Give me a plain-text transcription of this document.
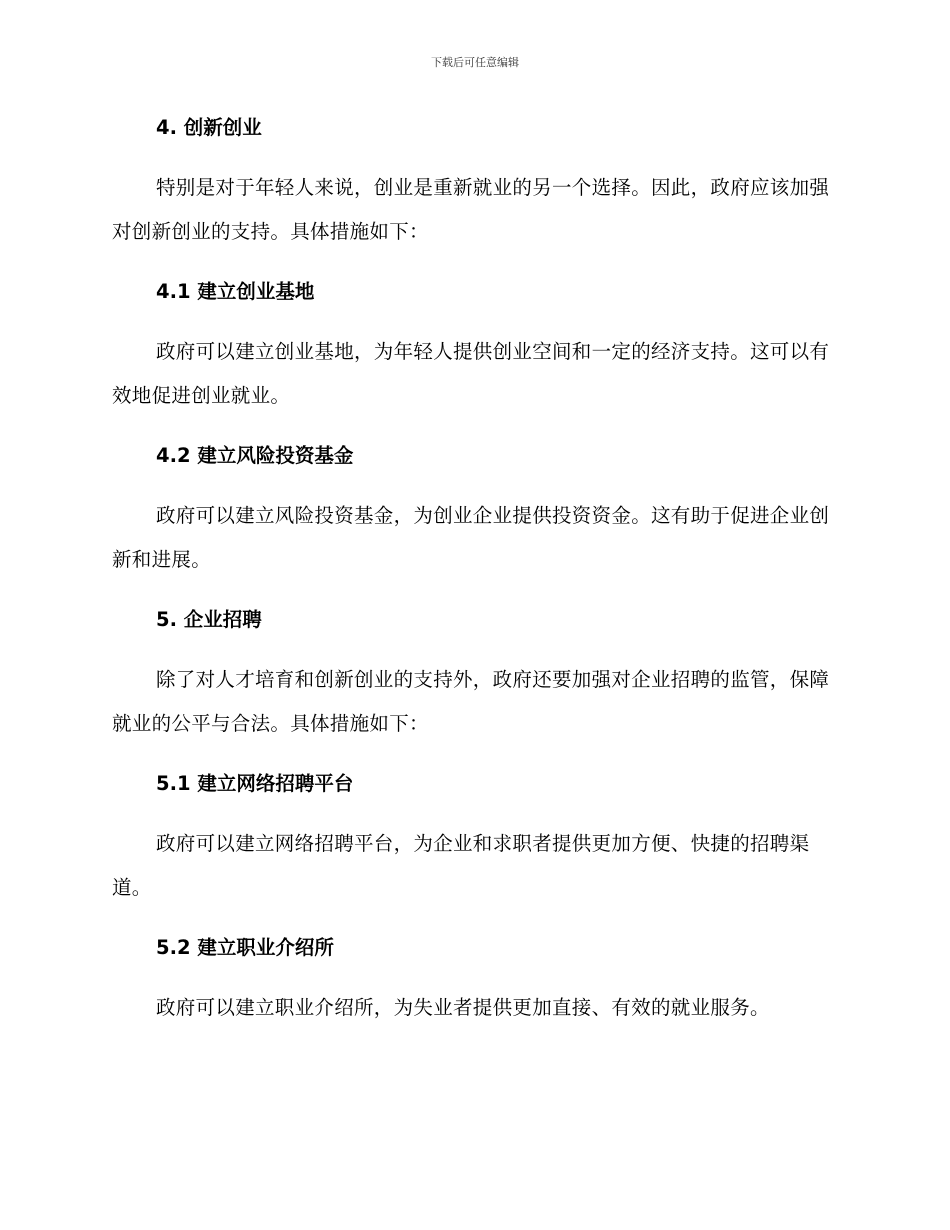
下载后可任意编辑
4. 创新创业

特别是对于年轻人来说，创业是重新就业的另一个选择。因此，政府应该加强对创新创业的支持。具体措施如下：

4.1 建立创业基地

政府可以建立创业基地，为年轻人提供创业空间和一定的经济支持。这可以有效地促进创业就业。

4.2 建立风险投资基金

政府可以建立风险投资基金，为创业企业提供投资资金。这有助于促进企业创新和进展。

5. 企业招聘

除了对人才培育和创新创业的支持外，政府还要加强对企业招聘的监管，保障就业的公平与合法。具体措施如下：

5.1 建立网络招聘平台

政府可以建立网络招聘平台，为企业和求职者提供更加方便、快捷的招聘渠道。

5.2 建立职业介绍所

政府可以建立职业介绍所，为失业者提供更加直接、有效的就业服务。
